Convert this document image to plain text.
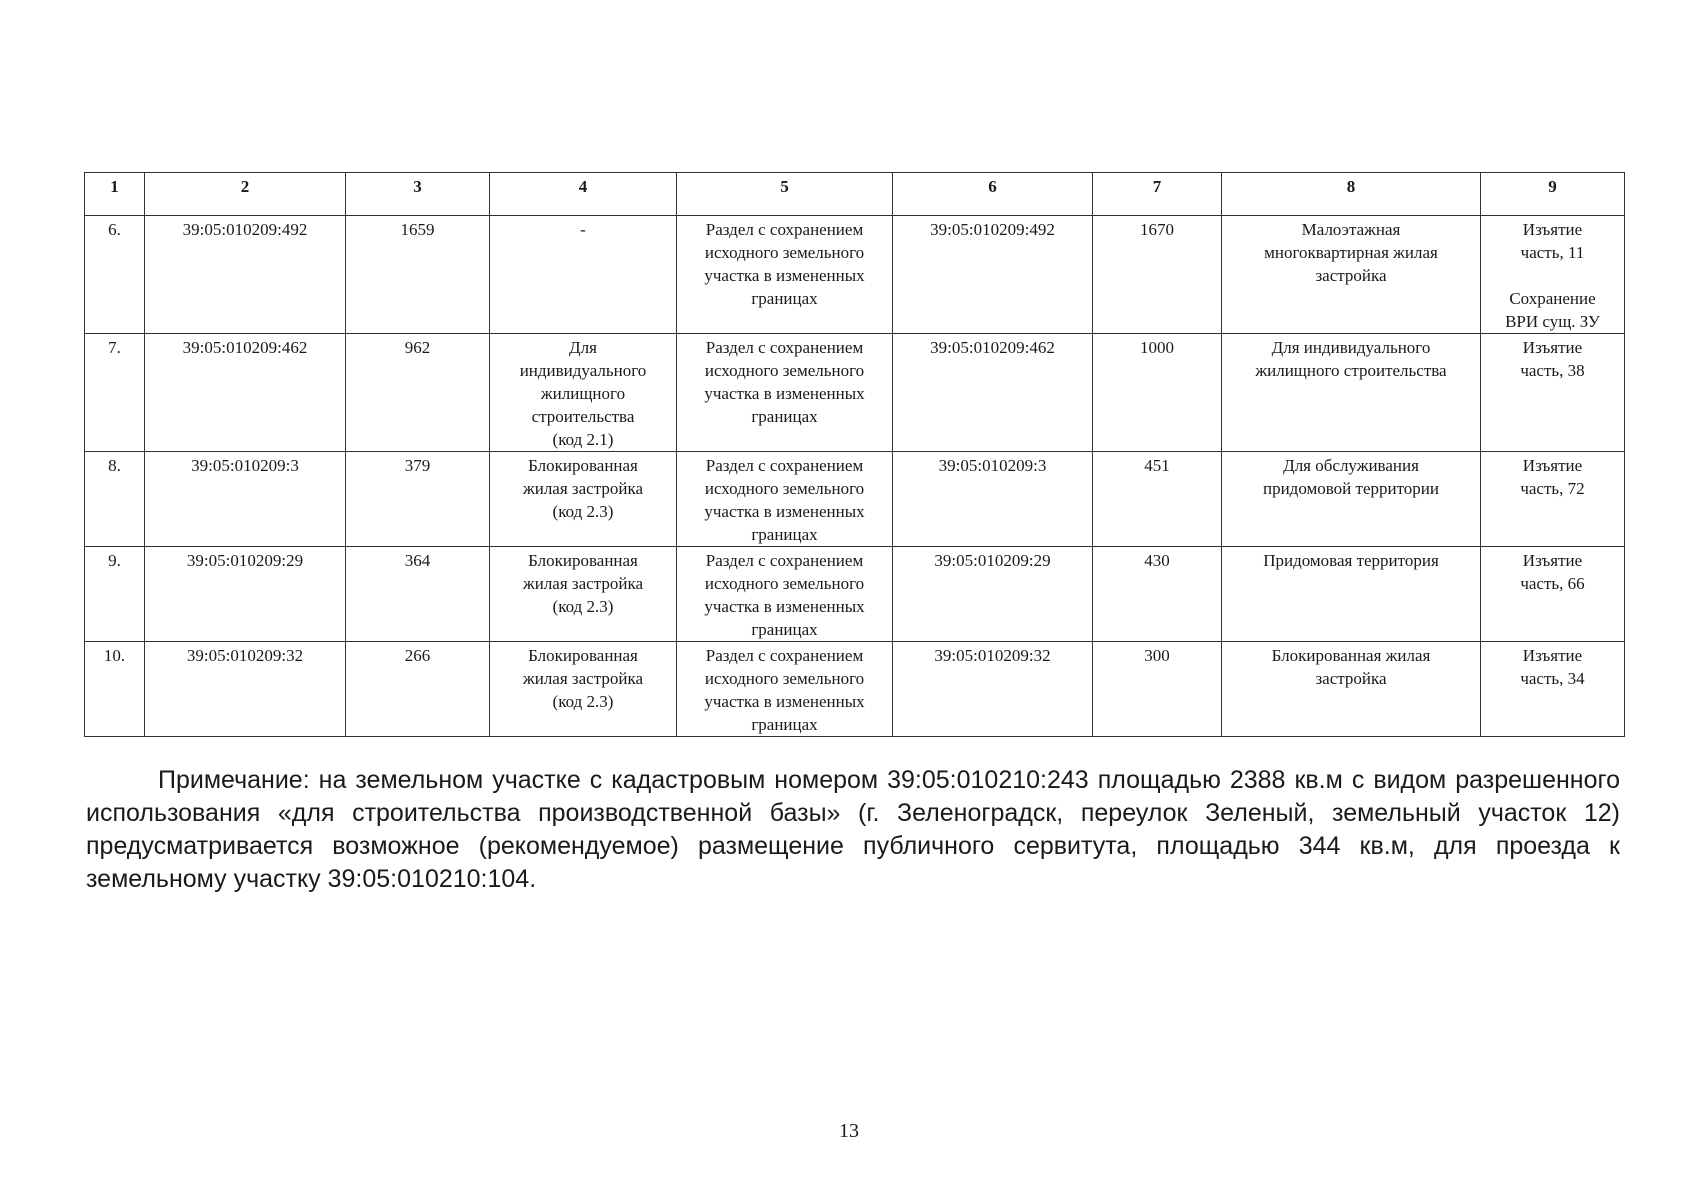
1	2	3	4	5	6	7	8	9
6.	39:05:010209:492	1659	-	Раздел с сохранением
исходного земельного
участка в измененных
границах	39:05:010209:492	1670	Малоэтажная
многоквартирная жилая
застройка	Изъятие
часть, 11
Сохранение
ВРИ сущ. ЗУ

7.	39:05:010209:462	962	Для
индивидуального
жилищного
строительства
(код 2.1)	Раздел с сохранением
исходного земельного
участка в измененных
границах	39:05:010209:462	1000	Для индивидуального
жилищного строительства	Изъятие
часть, 38

8.	39:05:010209:3	379	Блокированная
жилая застройка
(код 2.3)	Раздел с сохранением
исходного земельного
участка в измененных
границах	39:05:010209:3	451	Для обслуживания
придомовой территории	Изъятие
часть, 72

9.	39:05:010209:29	364	Блокированная
жилая застройка
(код 2.3)	Раздел с сохранением
исходного земельного
участка в измененных
границах	39:05:010209:29	430	Придомовая территория	Изъятие
часть, 66

10.	39:05:010209:32	266	Блокированная
жилая застройка
(код 2.3)	Раздел с сохранением
исходного земельного
участка в измененных
границах	39:05:010209:32	300	Блокированная жилая
застройка	Изъятие
часть, 34

Примечание: на земельном участке с кадастровым номером 39:05:010210:243 площадью 2388 кв.м с видом разрешенного использования «для строительства производственной базы» (г. Зеленоградск, переулок Зеленый, земельный участок 12) предусматривается возможное (рекомендуемое) размещение публичного сервитута, площадью 344 кв.м, для проезда к земельному участку 39:05:010210:104.

13
